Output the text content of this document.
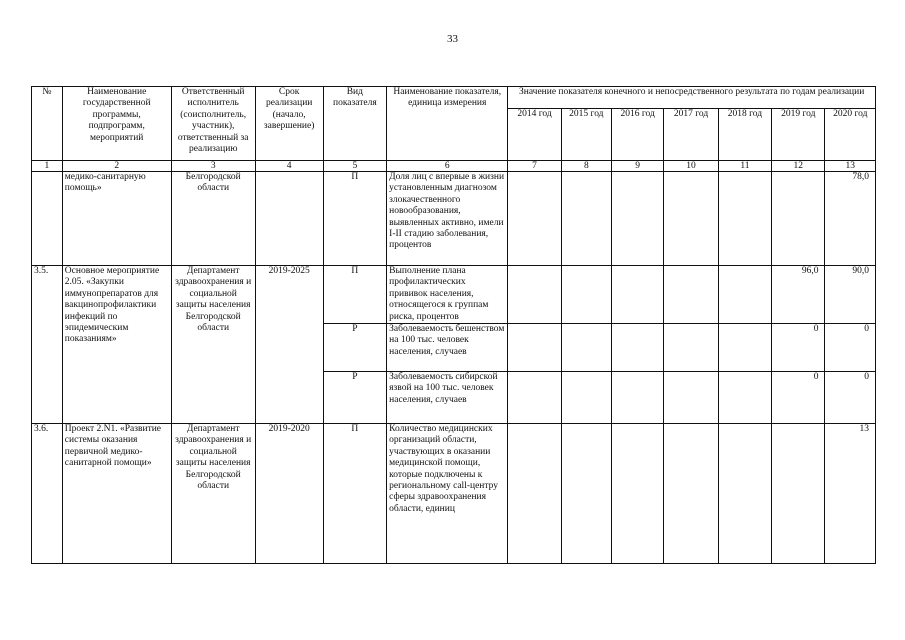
33
№	Наименование государственной программы, подпрограмм, мероприятий	Ответственный исполнитель (соисполнитель, участник), ответственный за реализацию	Срок реализации (начало, завершение)	Вид показателя	Наименование показателя, единица измерения	Значение показателя конечного и непосредственного результата по годам реализации						
						2014 год	2015 год	2016 год	2017 год	2018 год	2019 год	2020 год
1	2	3	4	5	6	7	8	9	10	11	12	13
	медико-санитарную помощь»	Белгородской области		П	Доля лиц с впервые в жизни установленным диагнозом злокачественного новообразования, выявленных активно, имели I-II стадию заболевания, процентов							78,0
3.5.	Основное мероприятие 2.05. «Закупки иммунопрепаратов для вакцинопрофилактики инфекций по эпидемическим показаниям»	Департамент здравоохранения и социальной защиты населения Белгородской области	2019-2025	П	Выполнение плана профилактических прививок населения, относящегося к группам риска, процентов						96,0	90,0
				Р	Заболеваемость бешенством на 100 тыс. человек населения, случаев						0	0
				Р	Заболеваемость сибирской язвой на 100 тыс. человек населения, случаев						0	0
3.6.	Проект 2.N1. «Развитие системы оказания первичной медико-санитарной помощи»	Департамент здравоохранения и социальной защиты населения Белгородской области	2019-2020	П	Количество медицинских организаций области, участвующих в оказании медицинской помощи, которые подключены к региональному call-центру сферы здравоохранения области, единиц							13
